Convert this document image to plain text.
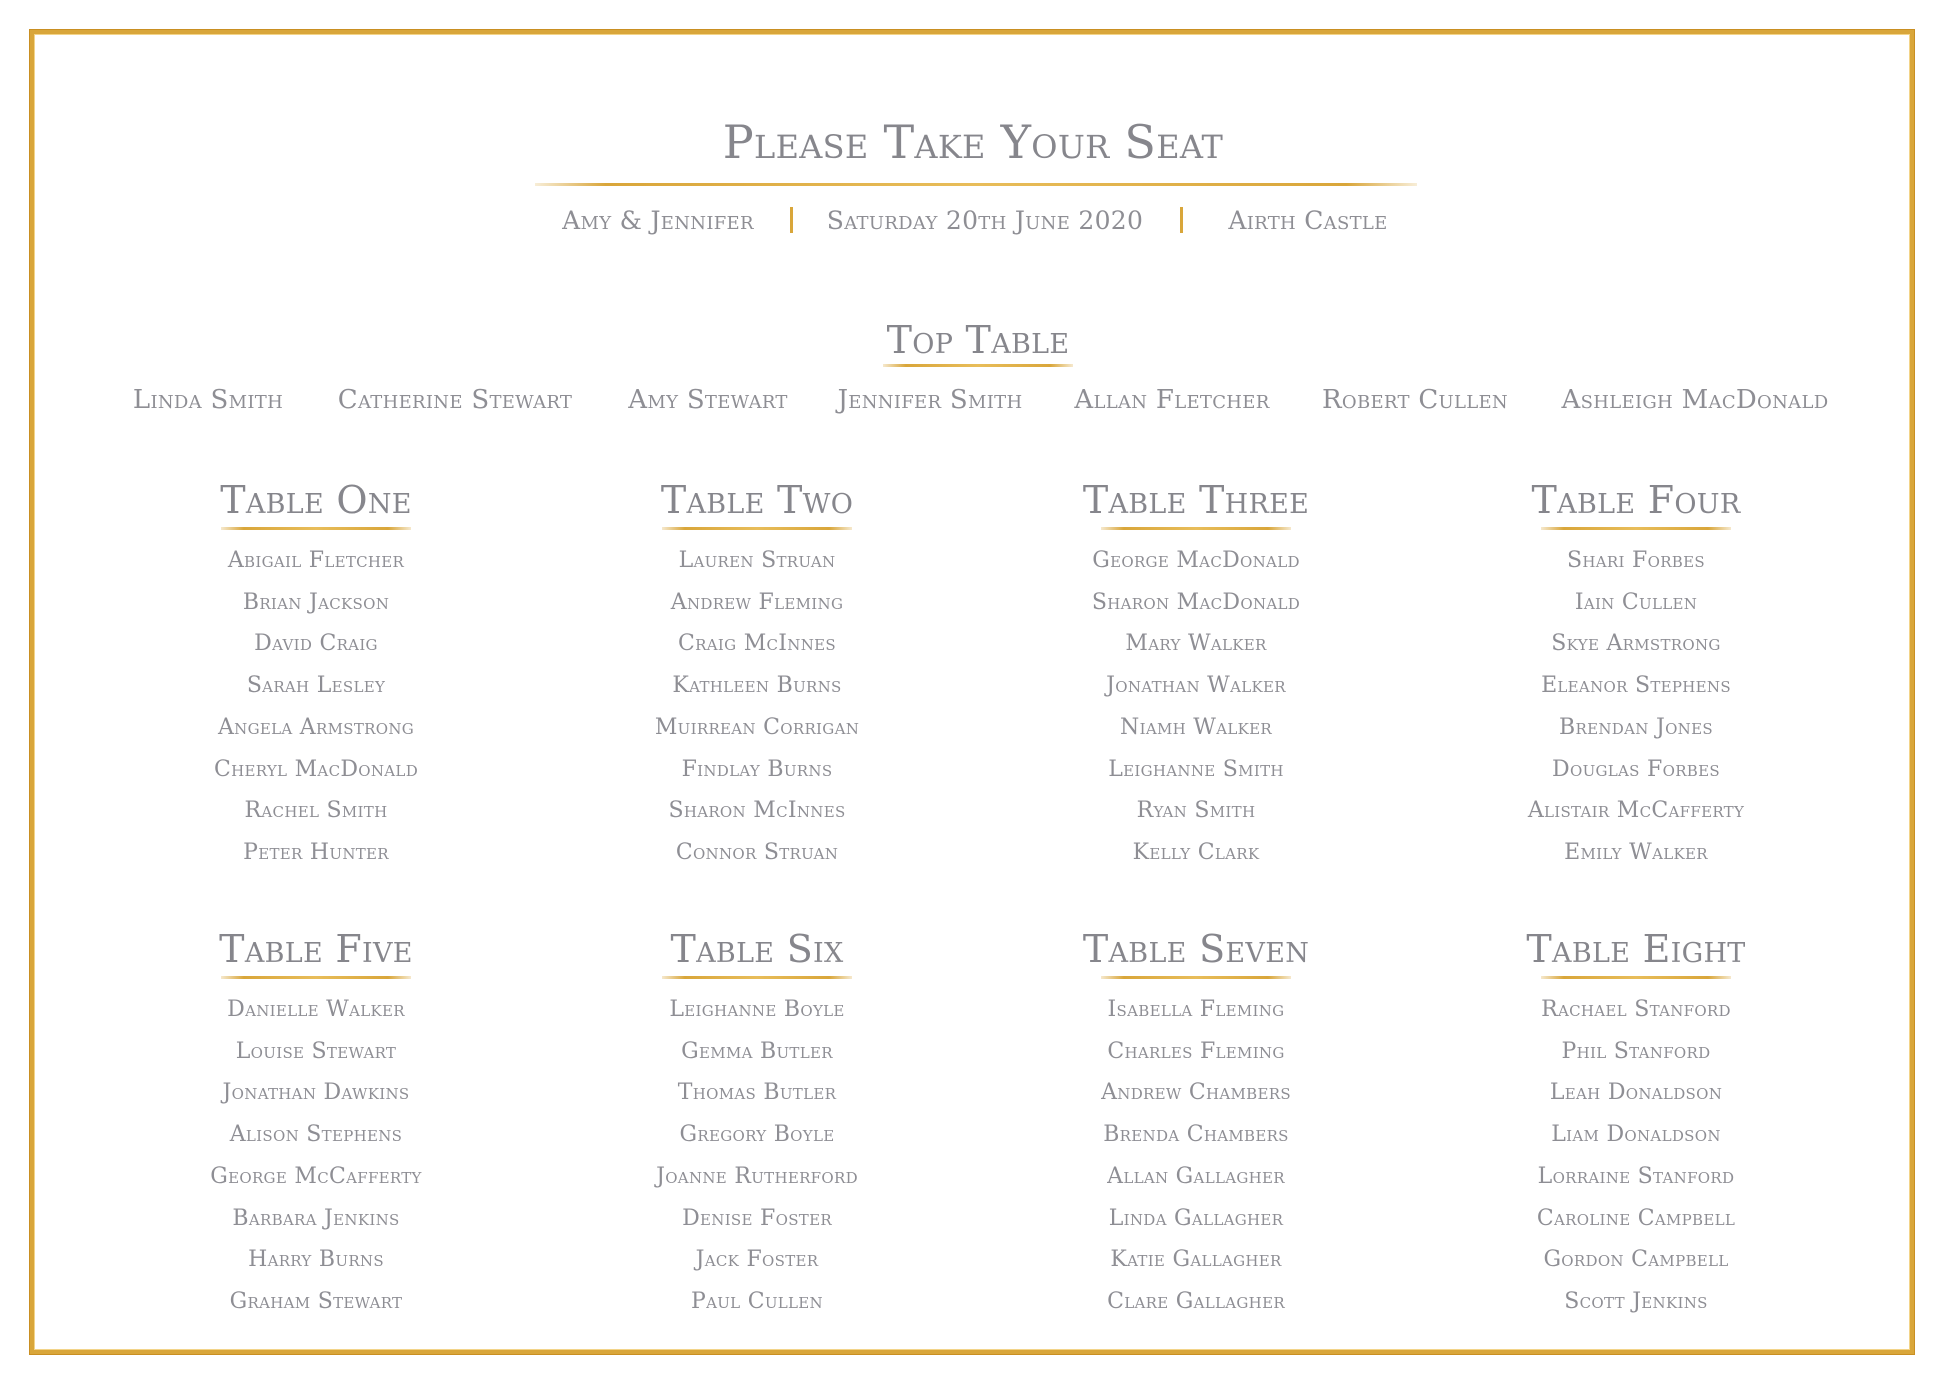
Please Take Your Seat
Amy & Jennifer	Saturday 20th June 2020	Airth Castle
Top Table
Linda Smith Catherine Stewart Amy Stewart Jennifer Smith Allan Fletcher Robert Cullen Ashleigh MacDonald
Table One
Abigail Fletcher
Brian Jackson
David Craig
Sarah Lesley
Angela Armstrong
Cheryl MacDonald
Rachel Smith
Peter Hunter
Table Two
Lauren Struan
Andrew Fleming
Craig McInnes
Kathleen Burns
Muirrean Corrigan
Findlay Burns
Sharon McInnes
Connor Struan
Table Three
George MacDonald
Sharon MacDonald
Mary Walker
Jonathan Walker
Niamh Walker
Leighanne Smith
Ryan Smith
Kelly Clark
Table Four
Shari Forbes
Iain Cullen
Skye Armstrong
Eleanor Stephens
Brendan Jones
Douglas Forbes
Alistair McCafferty
Emily Walker
Table Five
Danielle Walker
Louise Stewart
Jonathan Dawkins
Alison Stephens
George McCafferty
Barbara Jenkins
Harry Burns
Graham Stewart
Table Six
Leighanne Boyle
Gemma Butler
Thomas Butler
Gregory Boyle
Joanne Rutherford
Denise Foster
Jack Foster
Paul Cullen
Table Seven
Isabella Fleming
Charles Fleming
Andrew Chambers
Brenda Chambers
Allan Gallagher
Linda Gallagher
Katie Gallagher
Clare Gallagher
Table Eight
Rachael Stanford
Phil Stanford
Leah Donaldson
Liam Donaldson
Lorraine Stanford
Caroline Campbell
Gordon Campbell
Scott Jenkins
